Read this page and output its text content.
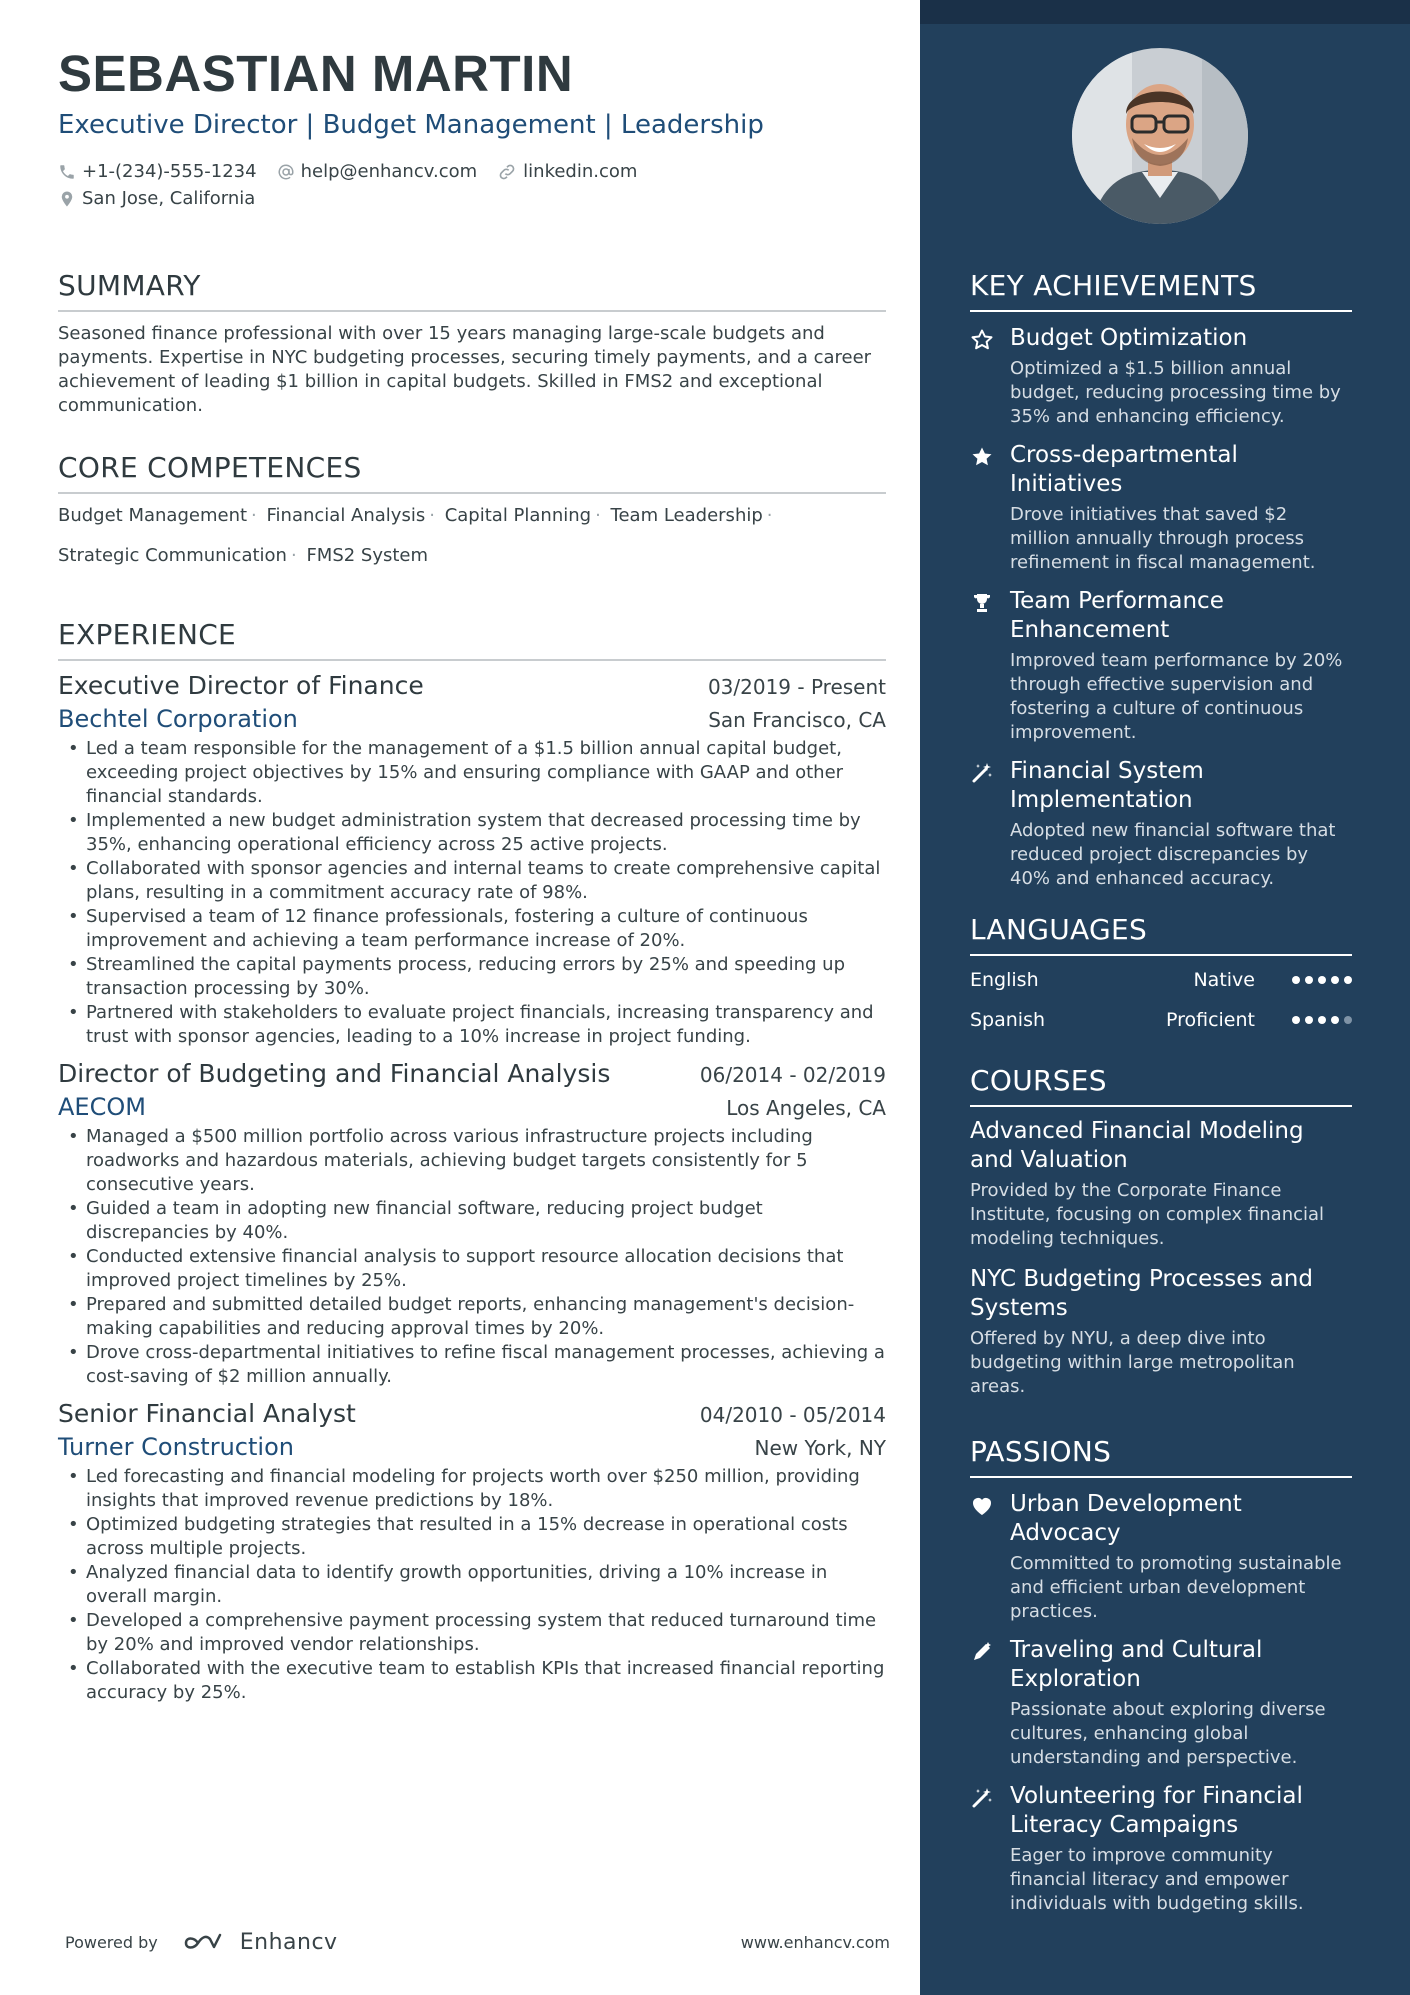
SEBASTIAN MARTIN
Executive Director | Budget Management | Leadership
+1-(234)-555-1234 help@enhancv.com	linkedin.com
San Jose, California
SUMMARY
Seasoned finance professional with over 15 years managing large-scale budgets and payments. Expertise in NYC budgeting processes, securing timely payments, and a career achievement of leading $1 billion in capital budgets. Skilled in FMS2 and exceptional communication.
CORE COMPETENCES
Budget Management · Financial Analysis · Capital Planning · Team Leadership ·
Strategic Communication · FMS2 System
EXPERIENCE
Executive Director of Finance	03/2019 - Present
Bechtel Corporation	San Francisco, CA
• Led a team responsible for the management of a $1.5 billion annual capital budget, exceeding project objectives by 15% and ensuring compliance with GAAP and other financial standards.
• Implemented a new budget administration system that decreased processing time by 35%, enhancing operational efficiency across 25 active projects.
• Collaborated with sponsor agencies and internal teams to create comprehensive capital plans, resulting in a commitment accuracy rate of 98%.
• Supervised a team of 12 finance professionals, fostering a culture of continuous improvement and achieving a team performance increase of 20%.
• Streamlined the capital payments process, reducing errors by 25% and speeding up transaction processing by 30%.
• Partnered with stakeholders to evaluate project financials, increasing transparency and trust with sponsor agencies, leading to a 10% increase in project funding.
Director of Budgeting and Financial Analysis	06/2014 - 02/2019
AECOM	Los Angeles, CA
• Managed a $500 million portfolio across various infrastructure projects including roadworks and hazardous materials, achieving budget targets consistently for 5 consecutive years.
• Guided a team in adopting new financial software, reducing project budget discrepancies by 40%.
• Conducted extensive financial analysis to support resource allocation decisions that improved project timelines by 25%.
• Prepared and submitted detailed budget reports, enhancing management's decision-making capabilities and reducing approval times by 20%.
• Drove cross-departmental initiatives to refine fiscal management processes, achieving a cost-saving of $2 million annually.
Senior Financial Analyst	04/2010 - 05/2014
Turner Construction	New York, NY
• Led forecasting and financial modeling for projects worth over $250 million, providing insights that improved revenue predictions by 18%.
• Optimized budgeting strategies that resulted in a 15% decrease in operational costs across multiple projects.
• Analyzed financial data to identify growth opportunities, driving a 10% increase in overall margin.
• Developed a comprehensive payment processing system that reduced turnaround time by 20% and improved vendor relationships.
• Collaborated with the executive team to establish KPIs that increased financial reporting accuracy by 25%.
Powered by	Enhancv	www.enhancv.com
KEY ACHIEVEMENTS
Budget Optimization
Optimized a $1.5 billion annual budget, reducing processing time by 35% and enhancing efficiency.
Cross-departmental Initiatives
Drove initiatives that saved $2 million annually through process refinement in fiscal management.
Team Performance Enhancement
Improved team performance by 20% through effective supervision and fostering a culture of continuous improvement.
Financial System Implementation
Adopted new financial software that reduced project discrepancies by 40% and enhanced accuracy.
LANGUAGES
English	Native
Spanish	Proficient
COURSES
Advanced Financial Modeling and Valuation
Provided by the Corporate Finance Institute, focusing on complex financial modeling techniques.
NYC Budgeting Processes and Systems
Offered by NYU, a deep dive into budgeting within large metropolitan areas.
PASSIONS
Urban Development Advocacy
Committed to promoting sustainable and efficient urban development practices.
Traveling and Cultural Exploration
Passionate about exploring diverse cultures, enhancing global understanding and perspective.
Volunteering for Financial Literacy Campaigns
Eager to improve community financial literacy and empower individuals with budgeting skills.
